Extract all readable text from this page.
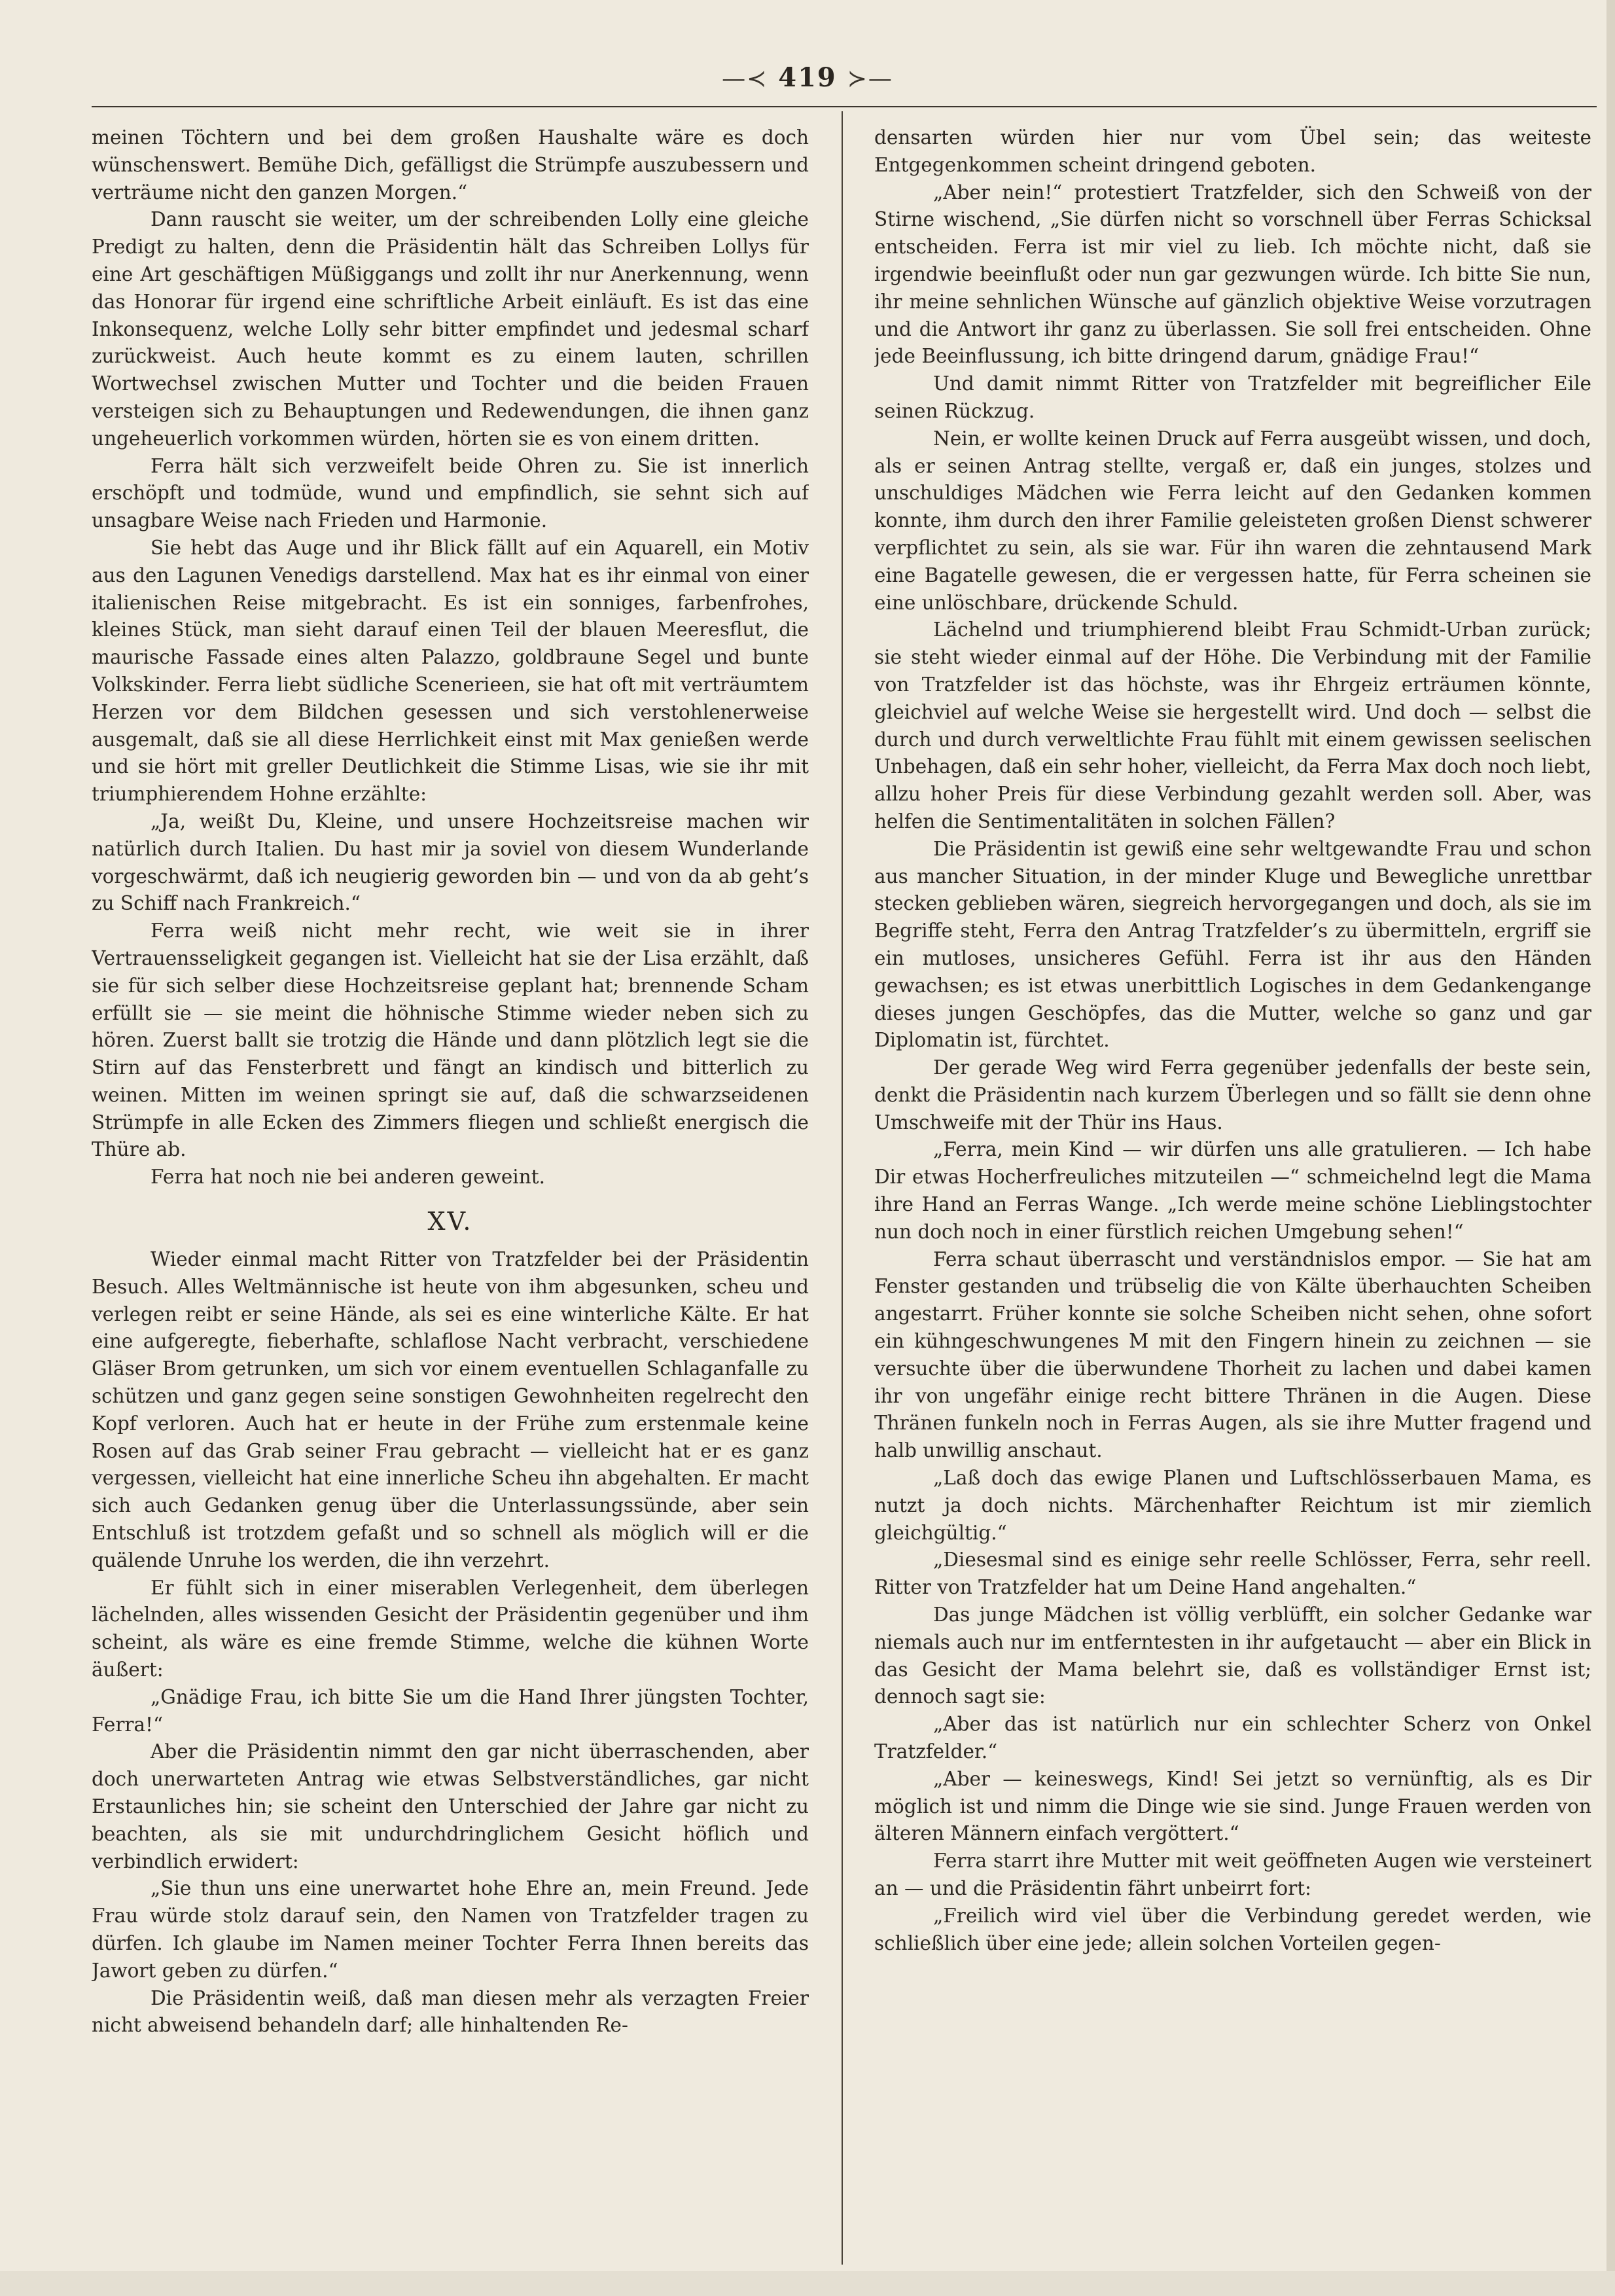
—≺ 419 ≻—

meinen Töchtern und bei dem großen Haushalte wäre es doch wünschenswert. Bemühe Dich, gefälligst die Strümpfe auszubessern und verträume nicht den ganzen Morgen.“

Dann rauscht sie weiter, um der schreibenden Lolly eine gleiche Predigt zu halten, denn die Präsidentin hält das Schreiben Lollys für eine Art geschäftigen Müßiggangs und zollt ihr nur Anerkennung, wenn das Honorar für irgend eine schriftliche Arbeit einläuft. Es ist das eine Inkonsequenz, welche Lolly sehr bitter empfindet und jedesmal scharf zurückweist. Auch heute kommt es zu einem lauten, schrillen Wortwechsel zwischen Mutter und Tochter und die beiden Frauen versteigen sich zu Behauptungen und Redewendungen, die ihnen ganz ungeheuerlich vorkommen würden, hörten sie es von einem dritten.

Ferra hält sich verzweifelt beide Ohren zu. Sie ist innerlich erschöpft und todmüde, wund und empfindlich, sie sehnt sich auf unsagbare Weise nach Frieden und Harmonie.

Sie hebt das Auge und ihr Blick fällt auf ein Aquarell, ein Motiv aus den Lagunen Venedigs darstellend. Max hat es ihr einmal von einer italienischen Reise mitgebracht. Es ist ein sonniges, farbenfrohes, kleines Stück, man sieht darauf einen Teil der blauen Meeresflut, die maurische Fassade eines alten Palazzo, goldbraune Segel und bunte Volkskinder. Ferra liebt südliche Scenerieen, sie hat oft mit verträumtem Herzen vor dem Bildchen gesessen und sich verstohlenerweise ausgemalt, daß sie all diese Herrlichkeit einst mit Max genießen werde und sie hört mit greller Deutlichkeit die Stimme Lisas, wie sie ihr mit triumphierendem Hohne erzählte:

„Ja, weißt Du, Kleine, und unsere Hochzeitsreise machen wir natürlich durch Italien. Du hast mir ja soviel von diesem Wunderlande vorgeschwärmt, daß ich neugierig geworden bin — und von da ab geht’s zu Schiff nach Frankreich.“

Ferra weiß nicht mehr recht, wie weit sie in ihrer Vertrauensseligkeit gegangen ist. Vielleicht hat sie der Lisa erzählt, daß sie für sich selber diese Hochzeitsreise geplant hat; brennende Scham erfüllt sie — sie meint die höhnische Stimme wieder neben sich zu hören. Zuerst ballt sie trotzig die Hände und dann plötzlich legt sie die Stirn auf das Fensterbrett und fängt an kindisch und bitterlich zu weinen. Mitten im weinen springt sie auf, daß die schwarzseidenen Strümpfe in alle Ecken des Zimmers fliegen und schließt energisch die Thüre ab.

Ferra hat noch nie bei anderen geweint.

XV.

Wieder einmal macht Ritter von Tratzfelder bei der Präsidentin Besuch. Alles Weltmännische ist heute von ihm abgesunken, scheu und verlegen reibt er seine Hände, als sei es eine winterliche Kälte. Er hat eine aufgeregte, fieberhafte, schlaflose Nacht verbracht, verschiedene Gläser Brom getrunken, um sich vor einem eventuellen Schlaganfalle zu schützen und ganz gegen seine sonstigen Gewohnheiten regelrecht den Kopf verloren. Auch hat er heute in der Frühe zum erstenmale keine Rosen auf das Grab seiner Frau gebracht — vielleicht hat er es ganz vergessen, vielleicht hat eine innerliche Scheu ihn abgehalten. Er macht sich auch Gedanken genug über die Unterlassungssünde, aber sein Entschluß ist trotzdem gefaßt und so schnell als möglich will er die quälende Unruhe los werden, die ihn verzehrt.

Er fühlt sich in einer miserablen Verlegenheit, dem überlegen lächelnden, alles wissenden Gesicht der Präsidentin gegenüber und ihm scheint, als wäre es eine fremde Stimme, welche die kühnen Worte äußert:

„Gnädige Frau, ich bitte Sie um die Hand Ihrer jüngsten Tochter, Ferra!“

Aber die Präsidentin nimmt den gar nicht überraschenden, aber doch unerwarteten Antrag wie etwas Selbstverständliches, gar nicht Erstaunliches hin; sie scheint den Unterschied der Jahre gar nicht zu beachten, als sie mit undurchdringlichem Gesicht höflich und verbindlich erwidert:

„Sie thun uns eine unerwartet hohe Ehre an, mein Freund. Jede Frau würde stolz darauf sein, den Namen von Tratzfelder tragen zu dürfen. Ich glaube im Namen meiner Tochter Ferra Ihnen bereits das Jawort geben zu dürfen.“

Die Präsidentin weiß, daß man diesen mehr als verzagten Freier nicht abweisend behandeln darf; alle hinhaltenden Re-

densarten würden hier nur vom Übel sein; das weiteste Entgegenkommen scheint dringend geboten.

„Aber nein!“ protestiert Tratzfelder, sich den Schweiß von der Stirne wischend, „Sie dürfen nicht so vorschnell über Ferras Schicksal entscheiden. Ferra ist mir viel zu lieb. Ich möchte nicht, daß sie irgendwie beeinflußt oder nun gar gezwungen würde. Ich bitte Sie nun, ihr meine sehnlichen Wünsche auf gänzlich objektive Weise vorzutragen und die Antwort ihr ganz zu überlassen. Sie soll frei entscheiden. Ohne jede Beeinflussung, ich bitte dringend darum, gnädige Frau!“

Und damit nimmt Ritter von Tratzfelder mit begreiflicher Eile seinen Rückzug.

Nein, er wollte keinen Druck auf Ferra ausgeübt wissen, und doch, als er seinen Antrag stellte, vergaß er, daß ein junges, stolzes und unschuldiges Mädchen wie Ferra leicht auf den Gedanken kommen konnte, ihm durch den ihrer Familie geleisteten großen Dienst schwerer verpflichtet zu sein, als sie war. Für ihn waren die zehntausend Mark eine Bagatelle gewesen, die er vergessen hatte, für Ferra scheinen sie eine unlöschbare, drückende Schuld.

Lächelnd und triumphierend bleibt Frau Schmidt-Urban zurück; sie steht wieder einmal auf der Höhe. Die Verbindung mit der Familie von Tratzfelder ist das höchste, was ihr Ehrgeiz erträumen könnte, gleichviel auf welche Weise sie hergestellt wird. Und doch — selbst die durch und durch verweltlichte Frau fühlt mit einem gewissen seelischen Unbehagen, daß ein sehr hoher, vielleicht, da Ferra Max doch noch liebt, allzu hoher Preis für diese Verbindung gezahlt werden soll. Aber, was helfen die Sentimentalitäten in solchen Fällen?

Die Präsidentin ist gewiß eine sehr weltgewandte Frau und schon aus mancher Situation, in der minder Kluge und Bewegliche unrettbar stecken geblieben wären, siegreich hervorgegangen und doch, als sie im Begriffe steht, Ferra den Antrag Tratzfelder’s zu übermitteln, ergriff sie ein mutloses, unsicheres Gefühl. Ferra ist ihr aus den Händen gewachsen; es ist etwas unerbittlich Logisches in dem Gedankengange dieses jungen Geschöpfes, das die Mutter, welche so ganz und gar Diplomatin ist, fürchtet.

Der gerade Weg wird Ferra gegenüber jedenfalls der beste sein, denkt die Präsidentin nach kurzem Überlegen und so fällt sie denn ohne Umschweife mit der Thür ins Haus.

„Ferra, mein Kind — wir dürfen uns alle gratulieren. — Ich habe Dir etwas Hocherfreuliches mitzuteilen —“ schmeichelnd legt die Mama ihre Hand an Ferras Wange. „Ich werde meine schöne Lieblingstochter nun doch noch in einer fürstlich reichen Umgebung sehen!“

Ferra schaut überrascht und verständnislos empor. — Sie hat am Fenster gestanden und trübselig die von Kälte überhauchten Scheiben angestarrt. Früher konnte sie solche Scheiben nicht sehen, ohne sofort ein kühngeschwungenes M mit den Fingern hinein zu zeichnen — sie versuchte über die überwundene Thorheit zu lachen und dabei kamen ihr von ungefähr einige recht bittere Thränen in die Augen. Diese Thränen funkeln noch in Ferras Augen, als sie ihre Mutter fragend und halb unwillig anschaut.

„Laß doch das ewige Planen und Luftschlösserbauen Mama, es nutzt ja doch nichts. Märchenhafter Reichtum ist mir ziemlich gleichgültig.“

„Diesesmal sind es einige sehr reelle Schlösser, Ferra, sehr reell. Ritter von Tratzfelder hat um Deine Hand angehalten.“

Das junge Mädchen ist völlig verblüfft, ein solcher Gedanke war niemals auch nur im entferntesten in ihr aufgetaucht — aber ein Blick in das Gesicht der Mama belehrt sie, daß es vollständiger Ernst ist; dennoch sagt sie:

„Aber das ist natürlich nur ein schlechter Scherz von Onkel Tratzfelder.“

„Aber — keineswegs, Kind! Sei jetzt so vernünftig, als es Dir möglich ist und nimm die Dinge wie sie sind. Junge Frauen werden von älteren Männern einfach vergöttert.“

Ferra starrt ihre Mutter mit weit geöffneten Augen wie versteinert an — und die Präsidentin fährt unbeirrt fort:

„Freilich wird viel über die Verbindung geredet werden, wie schließlich über eine jede; allein solchen Vorteilen gegen-
